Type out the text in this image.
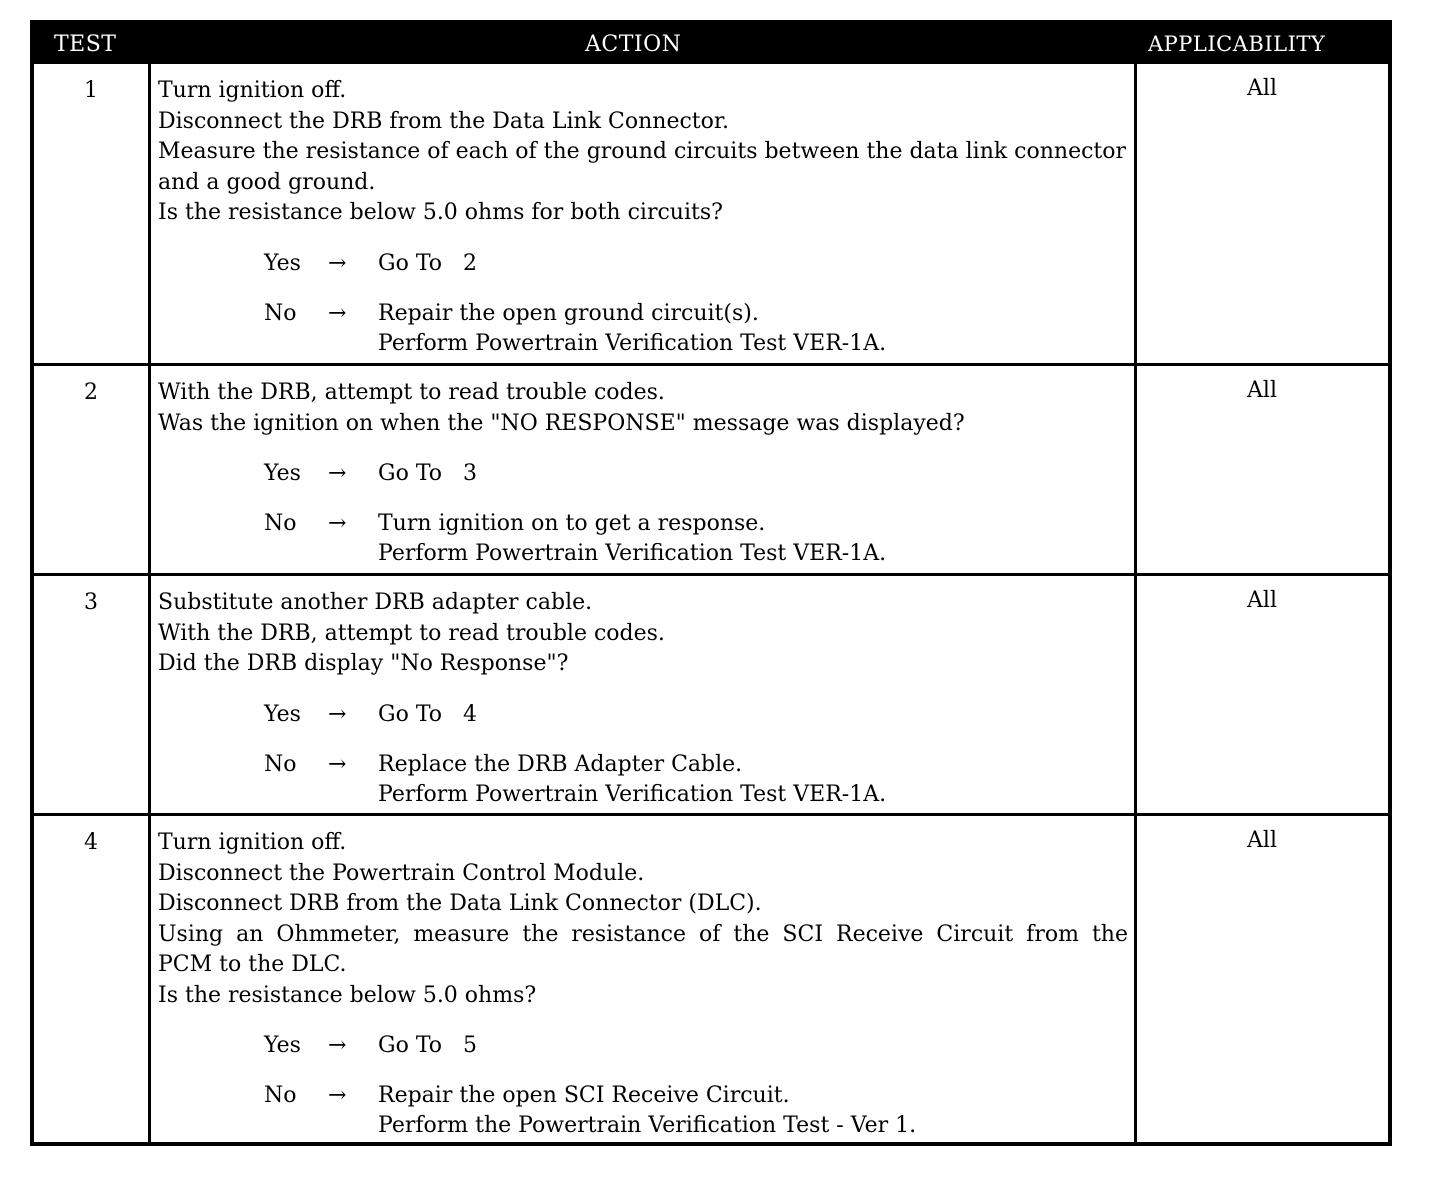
TEST	ACTION	APPLICABILITY
1	Turn ignition off.
Disconnect the DRB from the Data Link Connector.
Measure the resistance of each of the ground circuits between the data link connector
and a good ground.
Is the resistance below 5.0 ohms for both circuits?
Yes → Go To   2
No → Repair the open ground circuit(s).
Perform Powertrain Verification Test VER-1A.
All
2	With the DRB, attempt to read trouble codes.
Was the ignition on when the "NO RESPONSE" message was displayed?
Yes → Go To   3
No → Turn ignition on to get a response.
Perform Powertrain Verification Test VER-1A.
All
3	Substitute another DRB adapter cable.
With the DRB, attempt to read trouble codes.
Did the DRB display "No Response"?
Yes → Go To   4
No → Replace the DRB Adapter Cable.
Perform Powertrain Verification Test VER-1A.
All
4	Turn ignition off.
Disconnect the Powertrain Control Module.
Disconnect DRB from the Data Link Connector (DLC).
Using an Ohmmeter, measure the resistance of the SCI Receive Circuit from the
PCM to the DLC.
Is the resistance below 5.0 ohms?
Yes → Go To   5
No → Repair the open SCI Receive Circuit.
Perform the Powertrain Verification Test - Ver 1.
All
